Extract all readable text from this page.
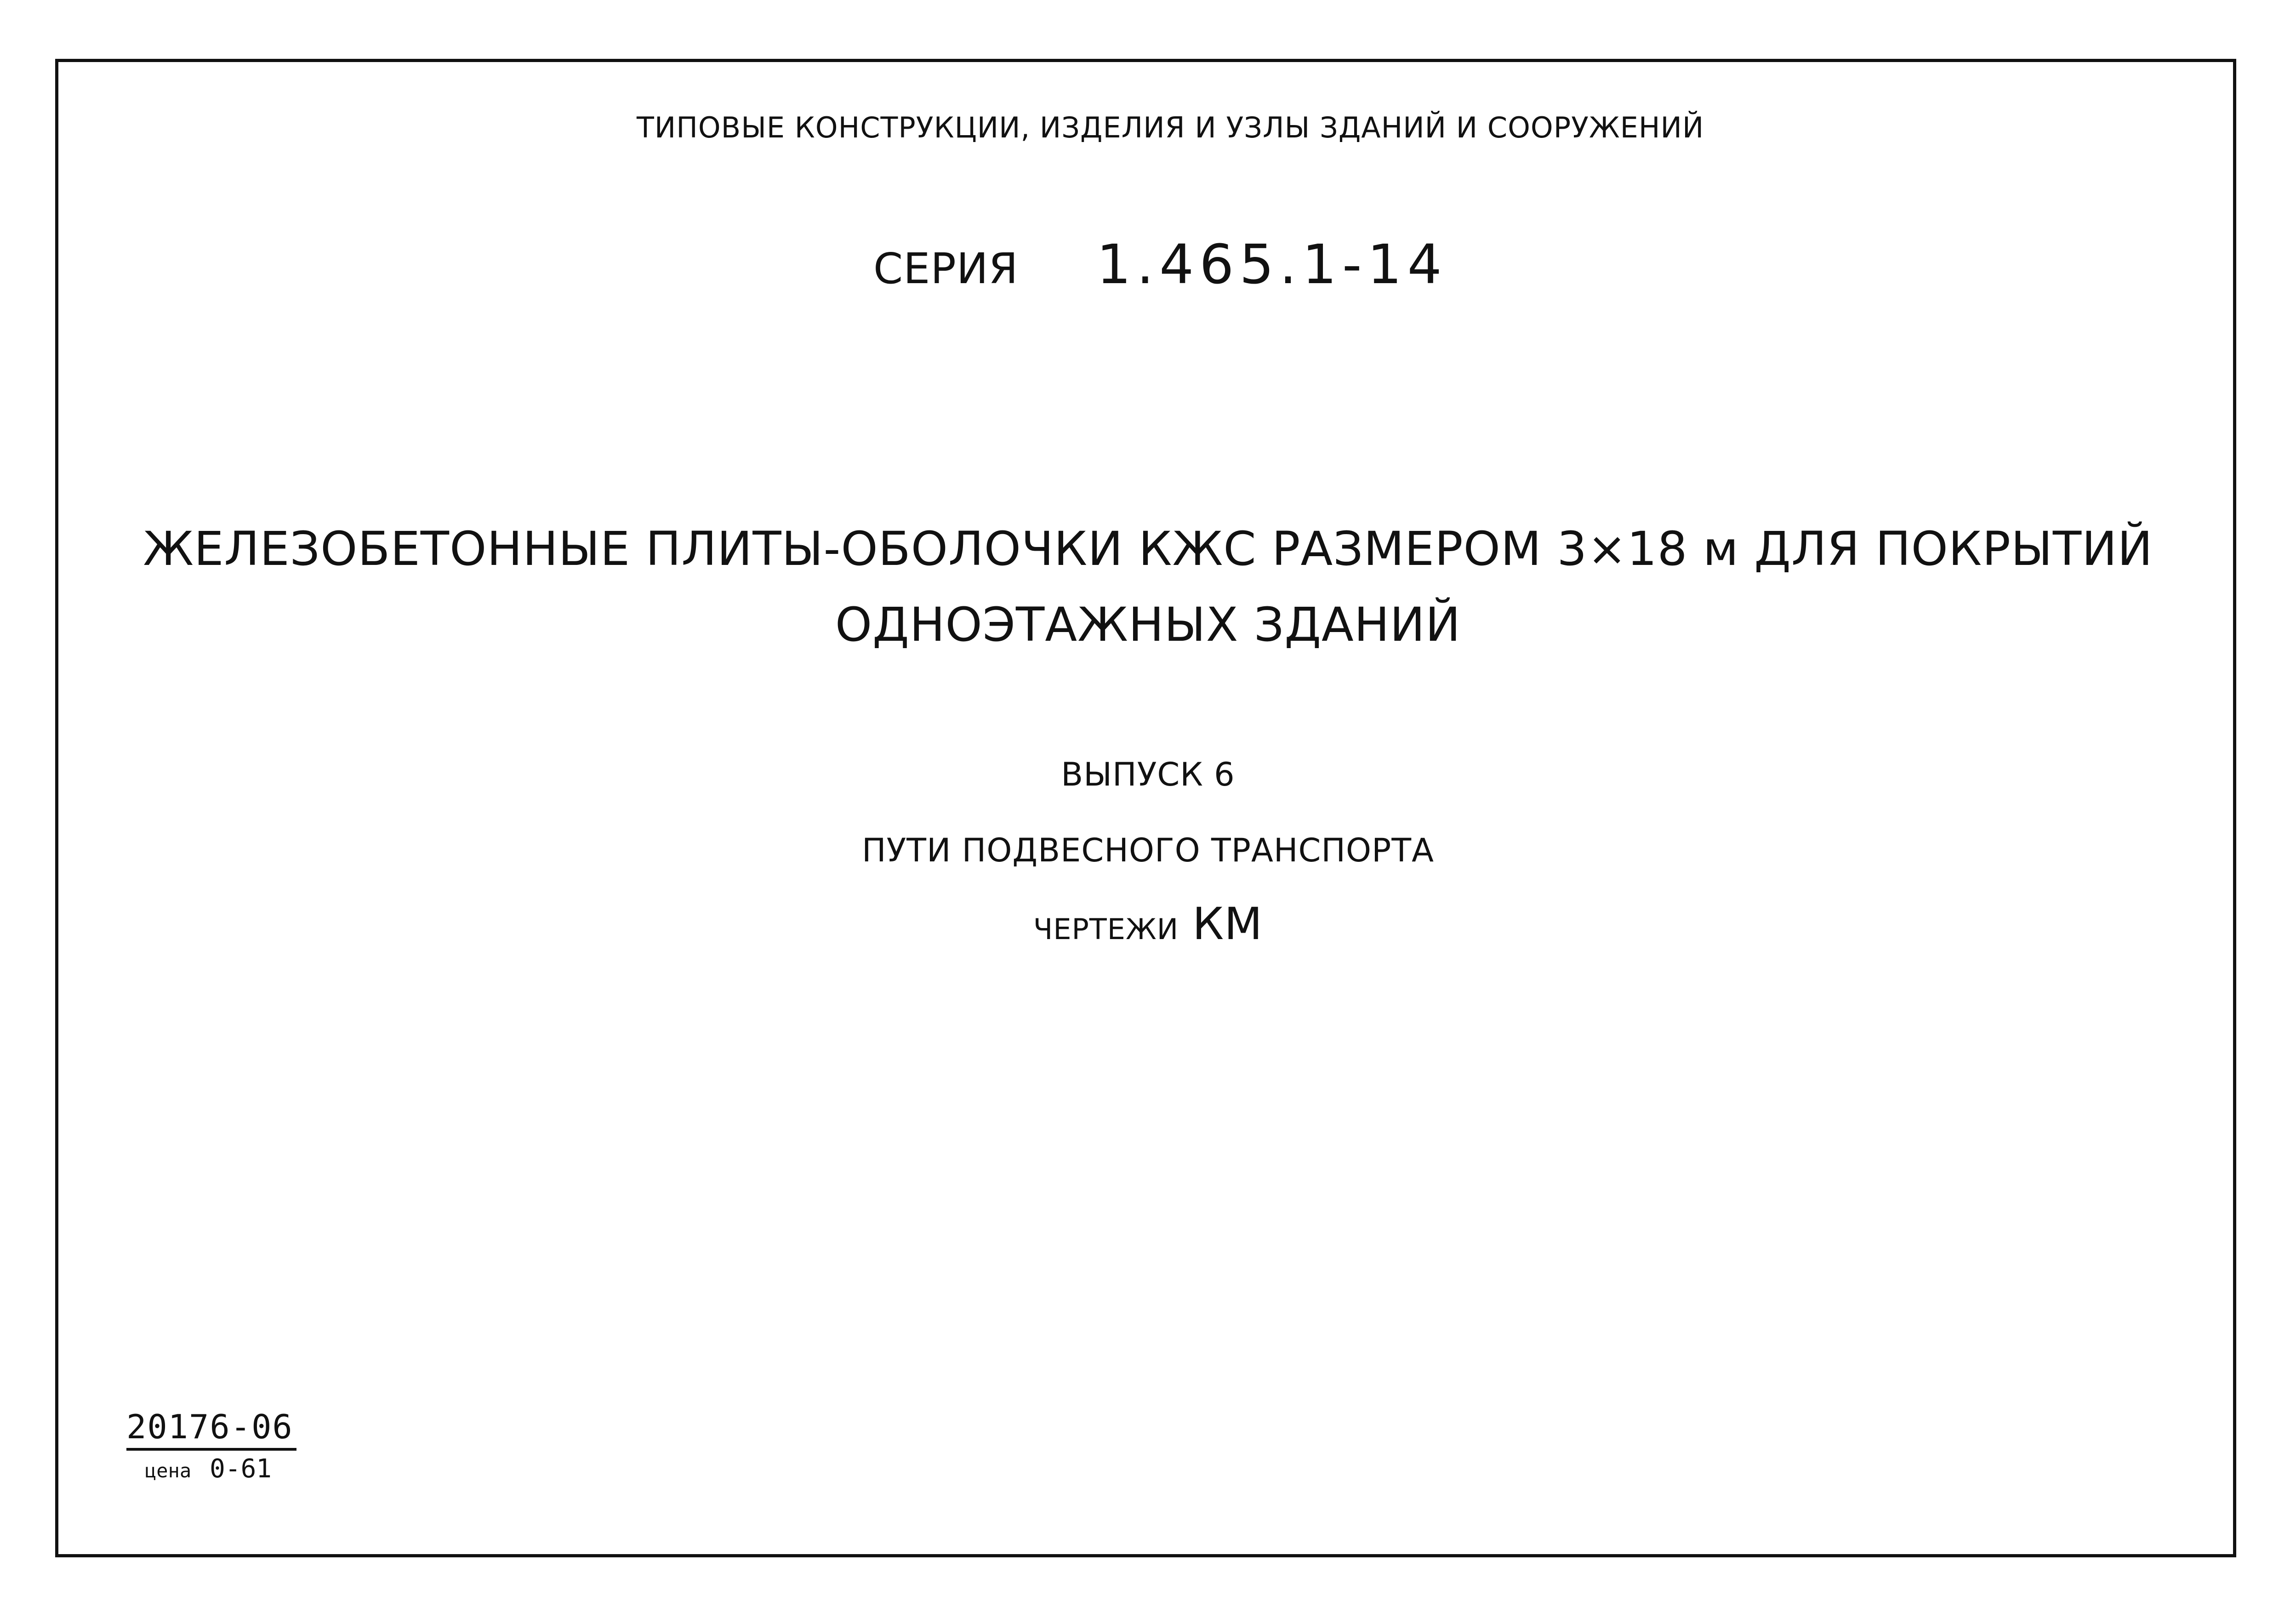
ТИПОВЫЕ КОНСТРУКЦИИ, ИЗДЕЛИЯ И УЗЛЫ ЗДАНИЙ И СООРУЖЕНИЙ
СЕРИЯ 1.465.1-14
ЖЕЛЕЗОБЕТОННЫЕ ПЛИТЫ-ОБОЛОЧКИ КЖС РАЗМЕРОМ 3×18 м ДЛЯ ПОКРЫТИЙ
ОДНОЭТАЖНЫХ ЗДАНИЙ
ВЫПУСК 6
ПУТИ ПОДВЕСНОГО ТРАНСПОРТА
ЧЕРТЕЖИ КМ
20176-06
цена 0-61
